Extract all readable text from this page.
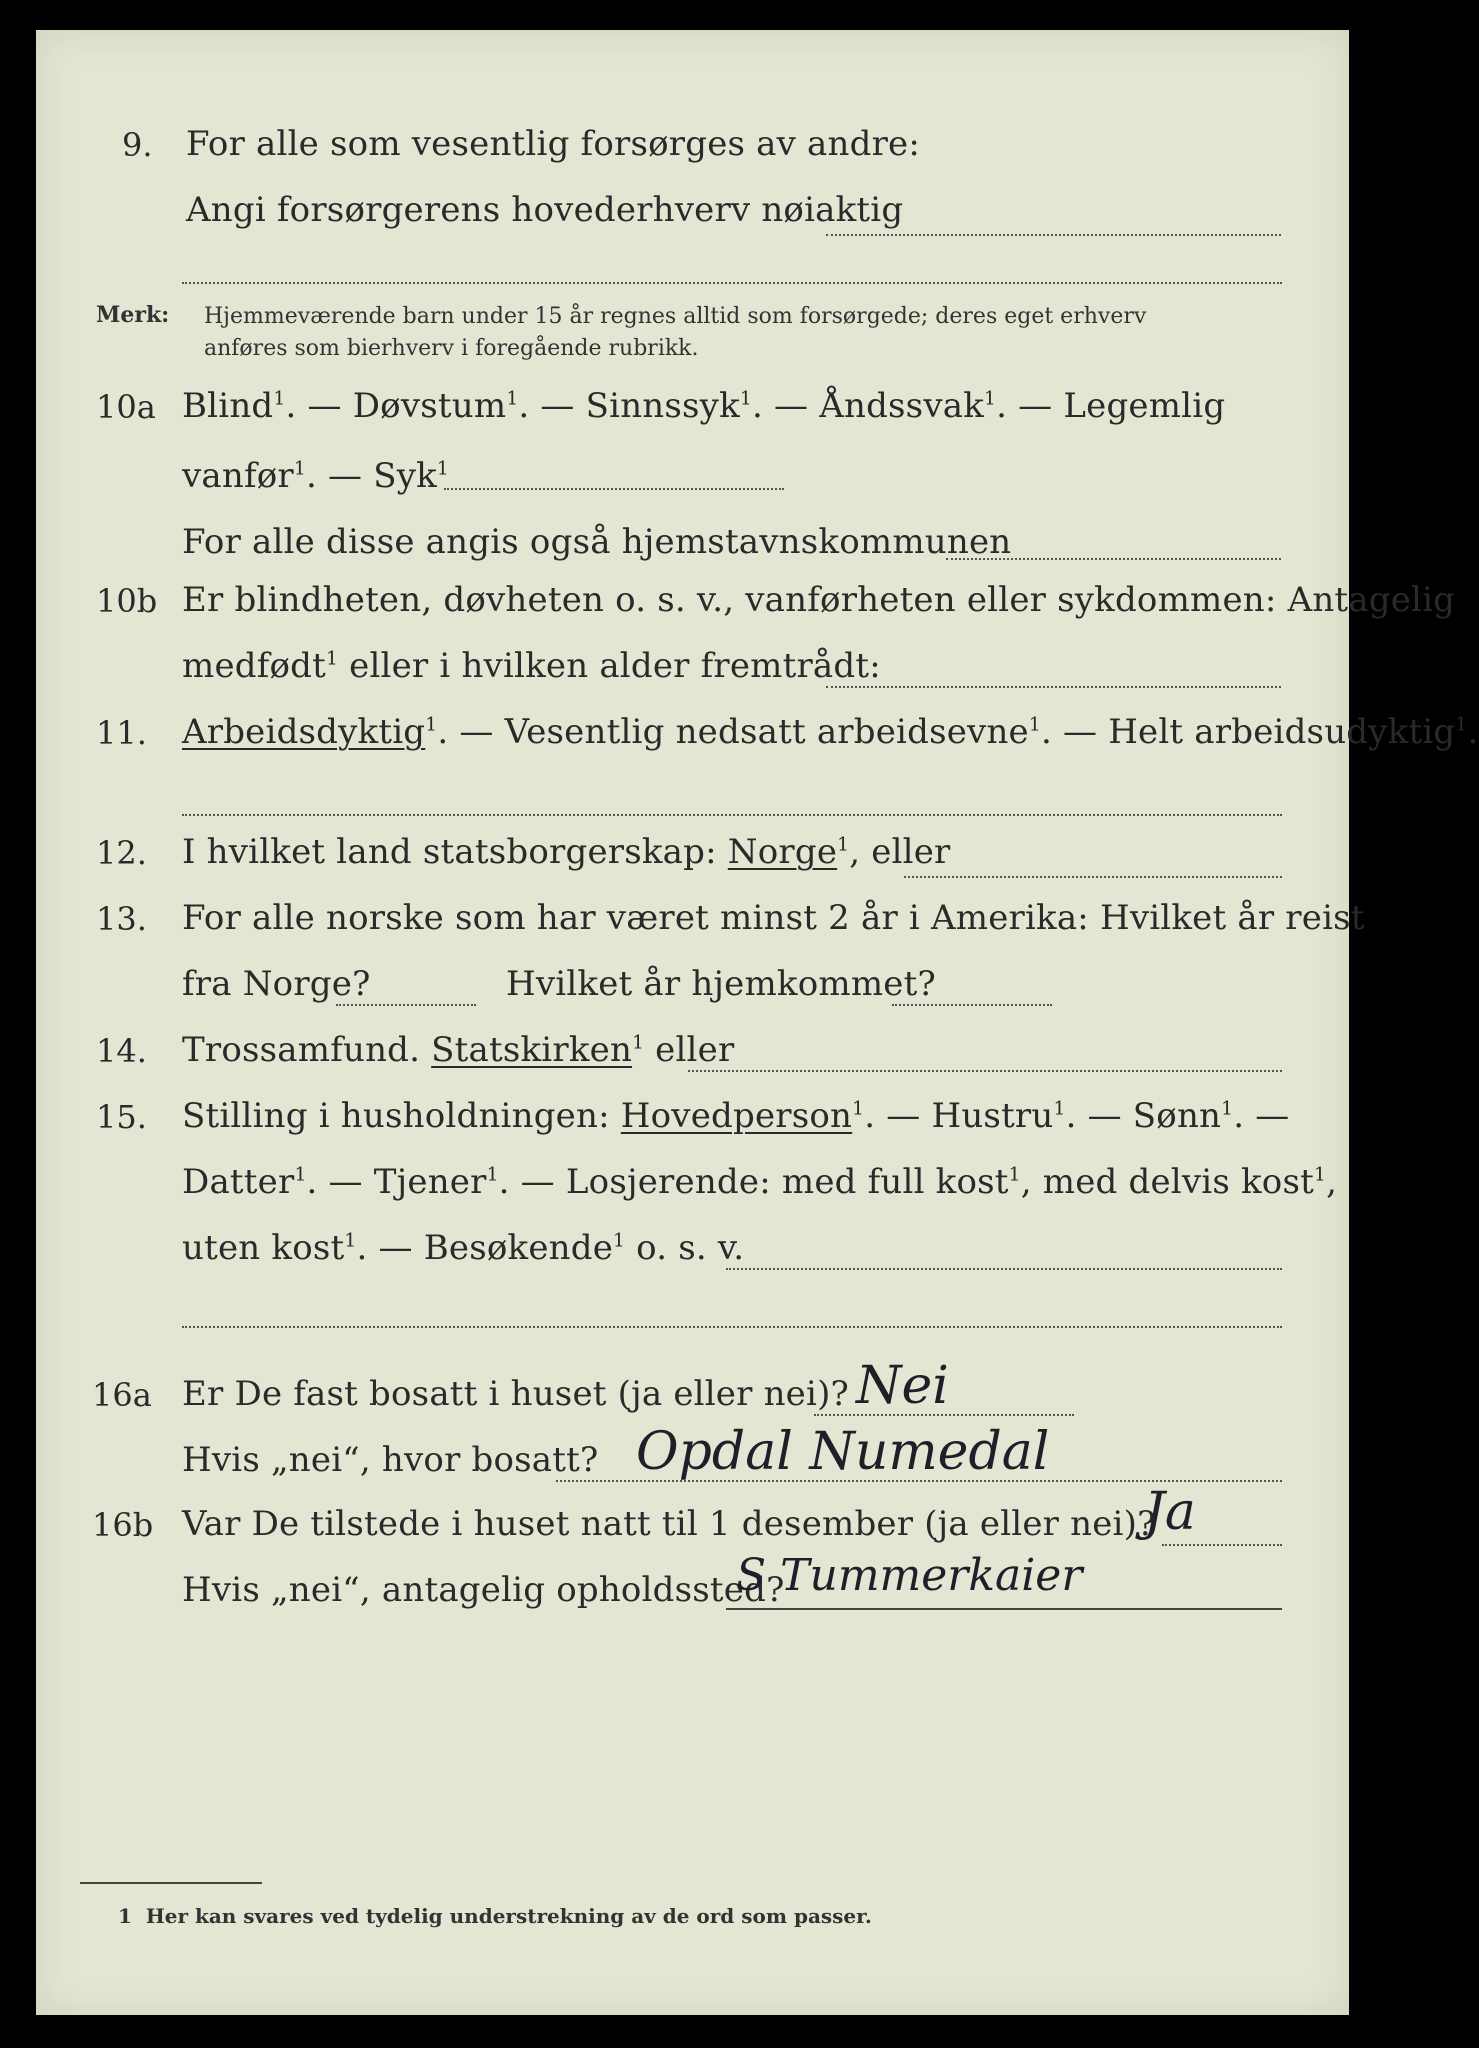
9. For alle som vesentlig forsørges av andre:
Angi forsørgerens hovederhverv nøiaktig
Merk: Hjemmeværende barn under 15 år regnes alltid som forsørgede; deres eget erhverv
anføres som bierhverv i foregående rubrikk.
10a Blind$^1$. — Døvstum$^1$. — Sinnssyk$^1$. — Åndssvak$^1$. — Legemlig
vanfør$^1$. — Syk$^1$
For alle disse angis også hjemstavnskommunen
10b Er blindheten, døvheten o. s. v., vanførheten eller sykdommen: Antagelig
medfødt$^1$ eller i hvilken alder fremtrådt:
11. Arbeidsdyktig$^1$. — Vesentlig nedsatt arbeidsevne$^1$. — Helt arbeidsudyktig$^1$.
12. I hvilket land statsborgerskap: Norge$^1$, eller
13. For alle norske som har været minst 2 år i Amerika: Hvilket år reist
fra Norge?	Hvilket år hjemkommet?
14. Trossamfund. Statskirken$^1$ eller
15. Stilling i husholdningen: Hovedperson$^1$. — Hustru$^1$. — Sønn$^1$. —
Datter$^1$. — Tjener$^1$. — Losjerende: med full kost$^1$, med delvis kost$^1$,
uten kost$^1$. — Besøkende$^1$ o. s. v.
16a Er De fast bosatt i huset (ja eller nei)? Nei
Hvis „nei“, hvor bosatt? Opdal Numedal
16b Var De tilstede i huset natt til 1 desember (ja eller nei)?
Ja
Hvis „nei“, antagelig opholdssted?
S Tummerkaier
1 Her kan svares ved tydelig understrekning av de ord som passer.
